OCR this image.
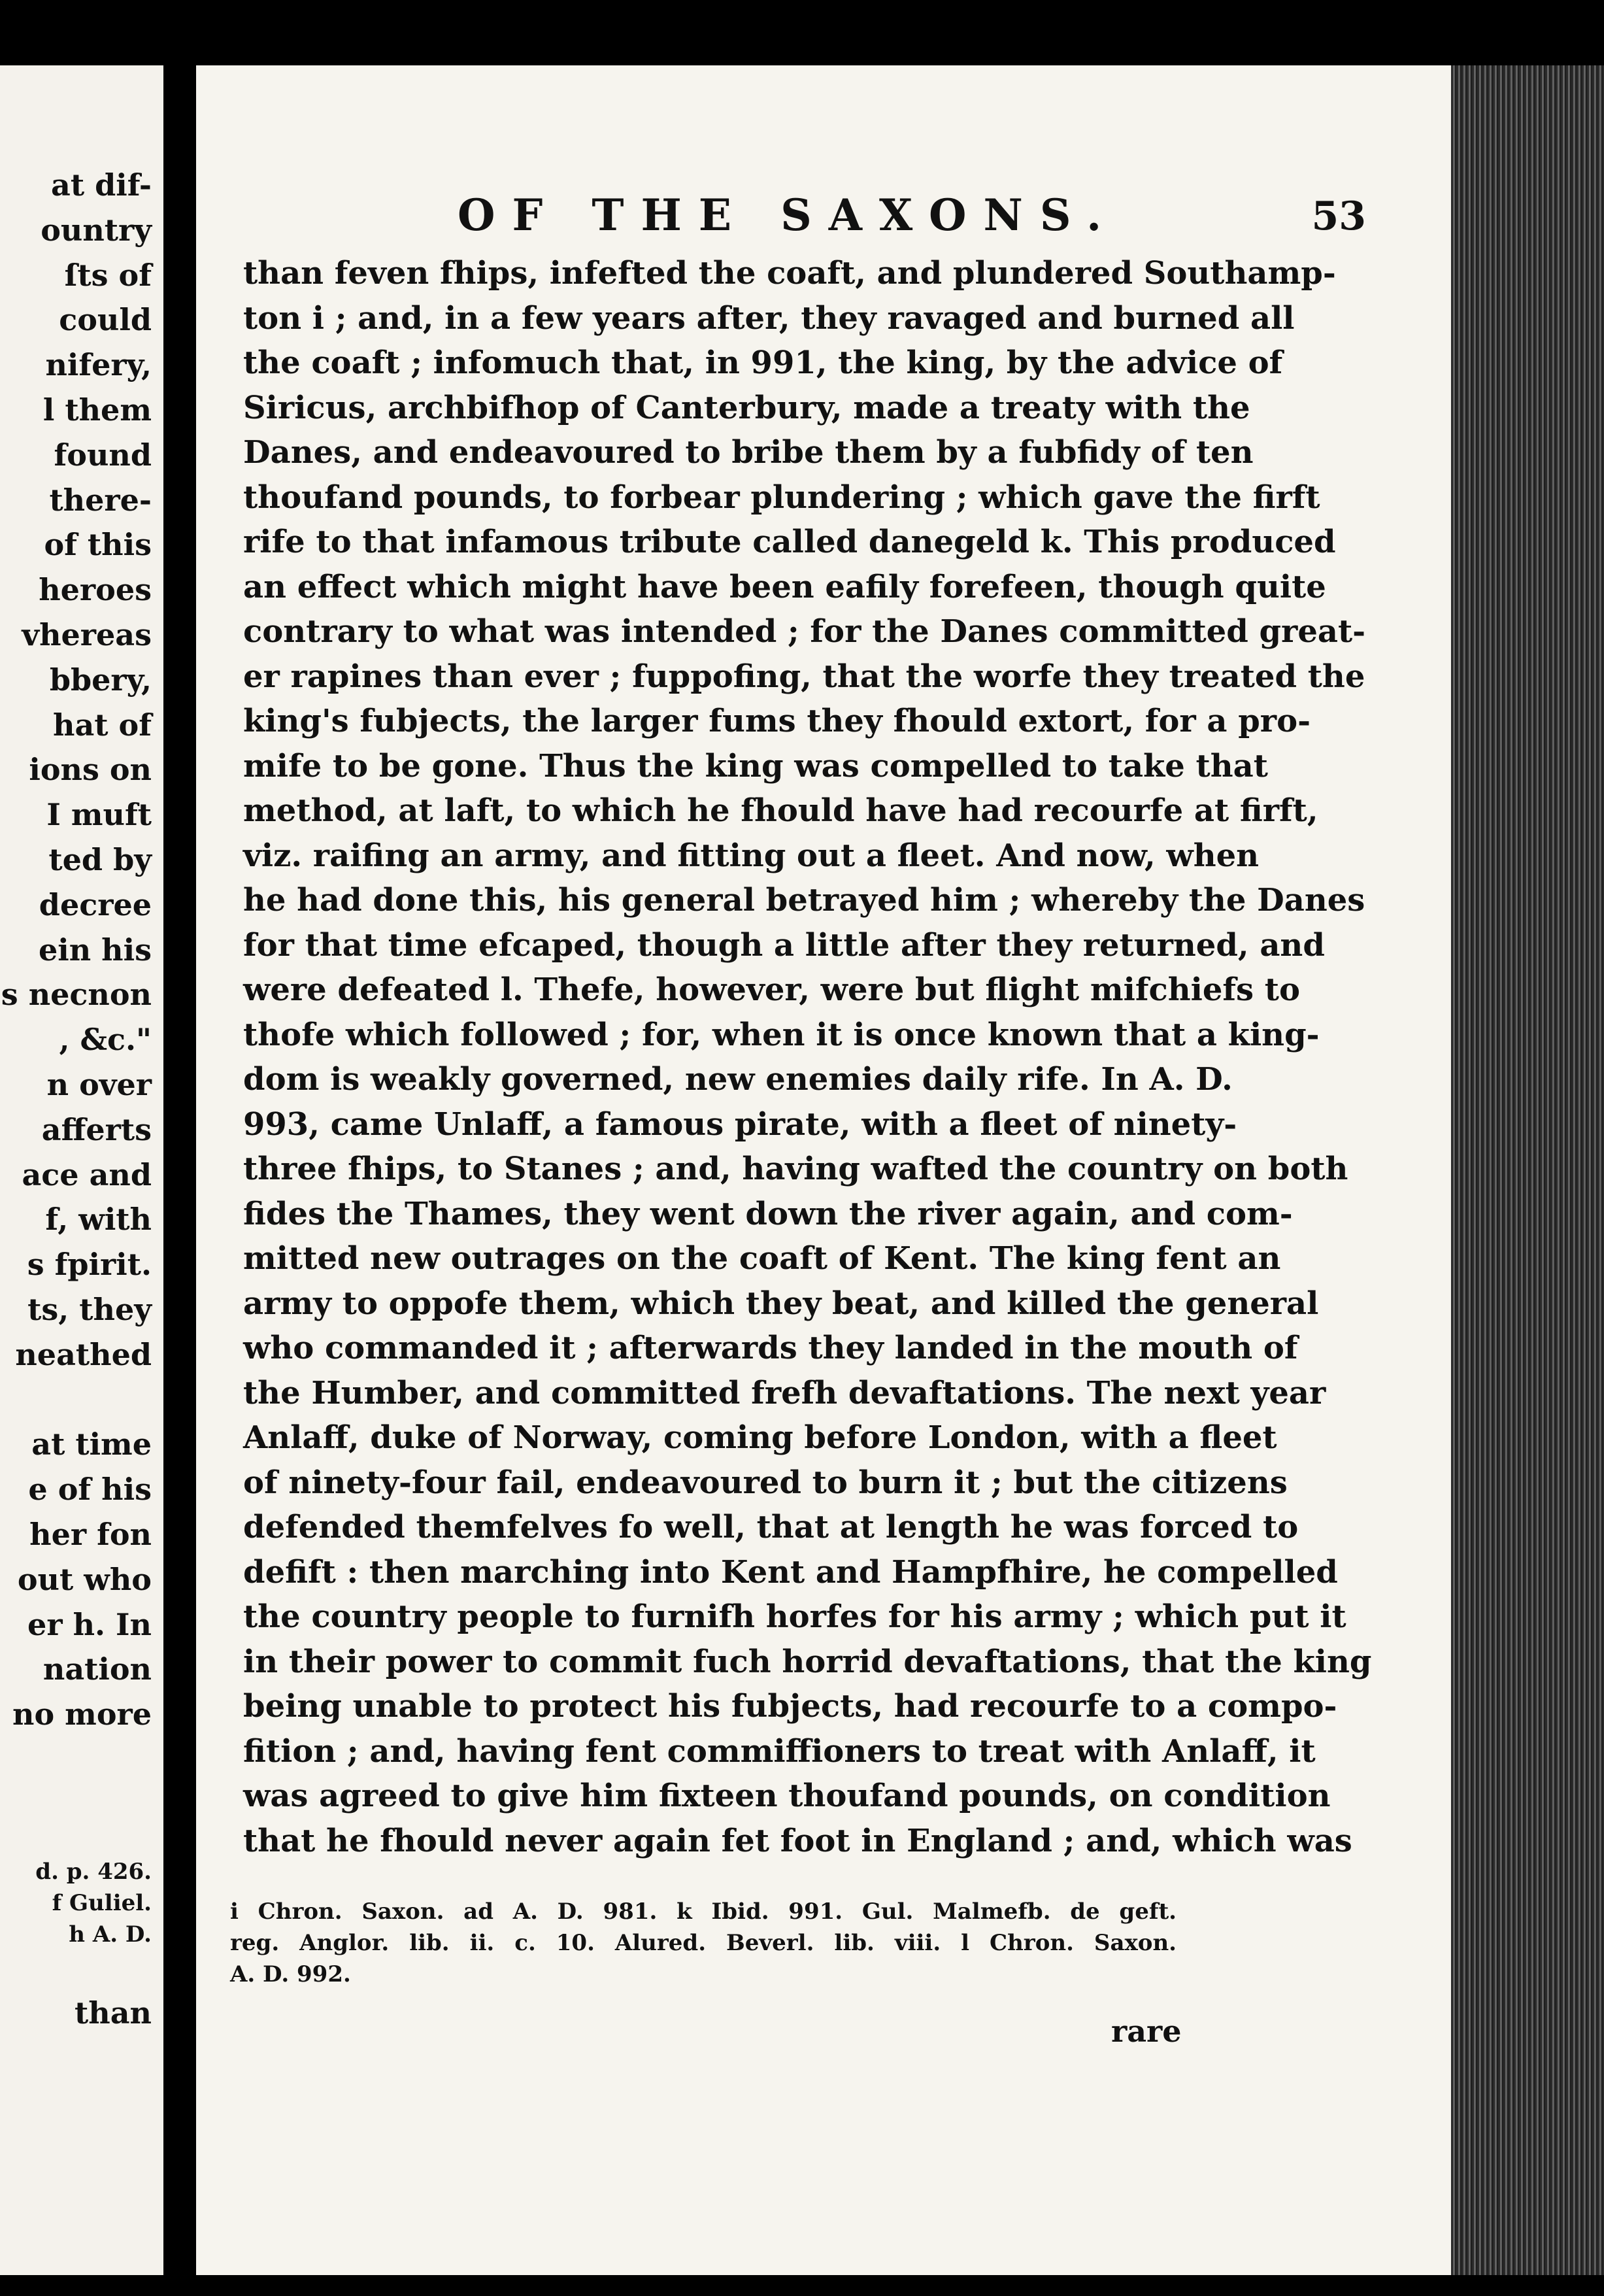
at dif-
ountry
ſts of
could
nifery,
l them
found
there-
of this
heroes
vhereas
bbery,
hat of
ions on
I muft
ted by
decree
ein his
s necnon
, &c."
n over
afferts
ace and
f, with
s fpirit.
ts, they
neathed
at time
e of his
her fon
out who
er h. In
nation
no more
d. p. 426.
f Guliel.
h A. D.
than
OF THE SAXONS.	53
than feven fhips, infefted the coaft, and plundered Southamp-
ton i ; and, in a few years after, they ravaged and burned all
the coaft ; infomuch that, in 991, the king, by the advice of
Siricus, archbifhop of Canterbury, made a treaty with the
Danes, and endeavoured to bribe them by a fubfidy of ten
thoufand pounds, to forbear plundering ; which gave the firft
rife to that infamous tribute called danegeld k. This produced
an effect which might have been eafily forefeen, though quite
contrary to what was intended ; for the Danes committed great-
er rapines than ever ; fuppofing, that the worfe they treated the
king's fubjects, the larger fums they fhould extort, for a pro-
mife to be gone. Thus the king was compelled to take that
method, at laft, to which he fhould have had recourfe at firft,
viz. raifing an army, and fitting out a fleet. And now, when
he had done this, his general betrayed him ; whereby the Danes
for that time efcaped, though a little after they returned, and
were defeated l. Thefe, however, were but flight mifchiefs to
thofe which followed ; for, when it is once known that a king-
dom is weakly governed, new enemies daily rife. In A. D.
993, came Unlaff, a famous pirate, with a fleet of ninety-
three fhips, to Stanes ; and, having wafted the country on both
fides the Thames, they went down the river again, and com-
mitted new outrages on the coaft of Kent. The king fent an
army to oppofe them, which they beat, and killed the general
who commanded it ; afterwards they landed in the mouth of
the Humber, and committed frefh devaftations. The next year
Anlaff, duke of Norway, coming before London, with a fleet
of ninety-four fail, endeavoured to burn it ; but the citizens
defended themfelves fo well, that at length he was forced to
defift : then marching into Kent and Hampfhire, he compelled
the country people to furnifh horfes for his army ; which put it
in their power to commit fuch horrid devaftations, that the king
being unable to protect his fubjects, had recourfe to a compo-
fition ; and, having fent commiffioners to treat with Anlaff, it
was agreed to give him fixteen thoufand pounds, on condition
that he fhould never again fet foot in England ; and, which was
i Chron. Saxon. ad A. D. 981. k Ibid. 991. Gul. Malmefb. de geft.
reg. Anglor. lib. ii. c. 10. Alured. Beverl. lib. viii. l Chron. Saxon.
A. D. 992.
rare
